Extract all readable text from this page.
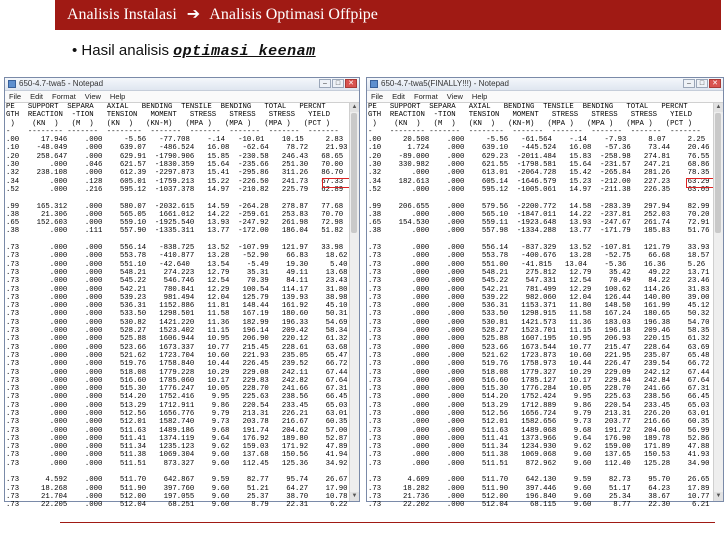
Analisis Instalasi ➔ Analisis Optimasi Offpipe
• Hasil analisis optimasi keenam
650-4.7-twa5 - Notepad	–	□	✕
File Edit Format View Help
PE   SUPPORT  SEPARA   AXIAL   BENDING  TENSILE  BENDING   TOTAL   PERCNT
GTH  REACTION  -TION   TENSION   MOMENT   STRESS   STRESS   STRESS   YIELD
)    (KN  )   (M  )   (KN  )   (KN-M)   (MPA )   (MPA )   (MPA )   (PCT )
-    -------- -------  --------  -------  -------  -------  -------  -------
.00     17.946    .000     -5.56   -77.708    -.14   -10.01    10.15     2.83
.10    -48.049    .000    639.07   -486.524   16.08   -62.64    78.72    21.93
.20    258.647    .000    629.91  -1790.906   15.85  -230.58   246.43   68.65
.30       .000    .046    621.57  -1830.359   15.64  -235.66   251.30   70.00
.32    238.108    .000    612.39  -2297.873   15.41  -295.86   311.26   86.70
.34       .000    .128    605.01  -1759.213   15.22  -226.50   241.73   67.33
.52       .000    .216    595.12  -1037.378   14.97  -210.82   225.79   62.89

.99    165.312    .000    580.07  -2032.615   14.59  -264.28   278.87   77.68
.38     21.306    .000    565.05   1661.012   14.22  -259.61   253.83   70.70
.65    152.603    .000    559.10  -1925.540   13.93  -247.92   261.98   72.98
.38       .000    .111    557.90  -1335.311   13.77  -172.00   186.04   51.82

.73       .000    .000    556.14   -838.725   13.52  -107.99   121.97   33.98
.73       .000    .000    553.78   -410.877   13.28   -52.90    66.83    18.62
.73       .000    .000    551.10   -42.640    13.54    -5.49    19.30     5.40
.73       .000    .000    548.21    274.223   12.79    35.31    49.11    13.68
.73       .000    .000    545.22    546.746   12.54    70.39    84.11    23.43
.73       .000    .000    542.21    780.841   12.29   100.54   114.17    31.80
.73       .000    .000    539.23    981.494   12.04   125.79   139.93    38.98
.73       .000    .000    536.31   1152.886   11.81   148.44   161.92    45.10
.73       .000    .000    533.50   1298.501   11.58   167.19   180.60    50.31
.73       .000    .000    530.82   1421.220   11.36   182.99   196.33    54.69
.73       .000    .000    528.27   1523.402   11.15   196.14   209.42    58.34
.73       .000    .000    525.88   1606.944   10.95   206.90   220.12    61.32
.73       .000    .000    523.66   1673.337   10.77   215.45   228.61    63.68
.73       .000    .000    521.62   1723.704   10.60   221.93   235.05    65.47
.73       .000    .000    519.76   1758.840   10.44   226.45   239.52    66.72
.73       .000    .000    518.08   1779.228   10.29   229.08   242.11    67.44
.73       .000    .000    516.60   1785.060   10.17   229.83   242.82    67.64
.73       .000    .000    515.30   1776.247   10.05   228.70   241.66    67.31
.73       .000    .000    514.20   1752.416    9.95   225.63   238.56    66.45
.73       .000    .000    513.29   1712.911    9.86   220.54   233.45    65.03
.73       .000    .000    512.56   1656.776    9.79   213.31   226.21    63.01
.73       .000    .000    512.01   1582.740    9.73   203.78   216.67    60.35
.73       .000    .000    511.63   1489.186    9.68   191.74   204.62    57.00
.73       .000    .000    511.41   1374.119    9.64   176.92   189.80    52.87
.73       .000    .000    511.34   1235.123    9.62   159.03   171.92    47.89
.73       .000    .000    511.38   1069.304    9.60   137.68   150.56    41.94
.73       .000    .000    511.51    873.327    9.60   112.45   125.36    34.92

.73      4.592    .000    511.70    642.867    9.59    82.77    95.74    26.67
.73     18.268    .000    511.90    397.760    9.60    51.21    64.27    17.90
.73     21.704    .000    512.00    197.055    9.60    25.37    38.70    10.78
.73     22.205    .000    512.04     68.251    9.60     8.79    22.31     6.22
▲
▼
650-4.7-twa5(FINALLY!!!) - Notepad	–	□	✕
File Edit Format View Help
PE   SUPPORT  SEPARA   AXIAL   BENDING  TENSILE  BENDING   TOTAL   PERCNT
GTH  REACTION  -TION   TENSION   MOMENT   STRESS   STRESS   STRESS   YIELD
)    (KN  )   (M  )   (KN  )   (KN-M)   (MPA )   (MPA )   (MPA )   (PCT )
-    -------- -------  --------  -------  -------  -------  -------  -------
.00     20.508    .000     -5.56   -61.564    -.14    -7.93     8.07     2.25
.10      1.724    .000    639.10   -445.524   16.08   -57.36    73.44    20.46
.20    -89.000    .000    629.23  -2011.484   15.83  -258.98   274.81    76.55
.30    330.982    .000    621.55  -1798.581   15.64  -231.57   247.21    68.86
.32       .000    .000    613.01  -2064.728   15.42  -265.84   281.26    78.35
.34    182.613    .000    605.14  -1646.579   15.23  -212.00   227.23    63.29
.52       .000    .000    595.12  -1005.061   14.97  -211.38   226.35    63.05

.99    206.655    .000    579.56  -2200.772   14.58  -283.39   297.94    82.99
.38       .000    .000    565.10  -1847.011   14.22  -237.81   252.03    70.20
.65    154.530    .000    559.11  -1923.648   13.93  -247.67   261.74    72.91
.38       .000    .000    557.98  -1334.288   13.77  -171.79   185.83    51.76

.73       .000    .000    556.14   -837.329   13.52  -107.81   121.79    33.93
.73       .000    .000    553.78   -400.676   13.28   -52.75    66.68    18.57
.73       .000    .000    551.00   -41.815   13.04    -5.36    16.36     5.26
.73       .000    .000    548.21    275.812   12.79    35.42    49.22    13.71
.73       .000    .000    545.22    547.331   12.54    70.49    84.22    23.46
.73       .000    .000    542.21    781.499   12.29   100.62   114.26    31.83
.73       .000    .000    539.22    982.060   12.04   126.44   140.00    39.00
.73       .000    .000    536.31   1153.371   11.80   148.50   161.99    45.12
.73       .000    .000    533.50   1298.915   11.58   167.24   180.65    50.32
.73       .000    .000    530.81   1421.573   11.36   183.03   196.38    54.70
.73       .000    .000    528.27   1523.701   11.15   196.18   209.46    58.35
.73       .000    .000    525.88   1607.195   10.95   206.93   220.15    61.32
.73       .000    .000    523.66   1673.544   10.77   215.47   228.64    63.69
.73       .000    .000    521.62   1723.873   10.60   221.95   235.07    65.48
.73       .000    .000    519.76   1758.973   10.44   226.47   239.54    66.72
.73       .000    .000    518.08   1779.327   10.29   229.09   242.12    67.44
.73       .000    .000    516.60   1785.127   10.17   229.84   242.84    67.64
.73       .000    .000    515.30   1776.284   10.05   228.70   241.66    67.31
.73       .000    .000    514.20   1752.424    9.95   225.63   238.56    66.45
.73       .000    .000    513.29   1712.889    9.86   220.54   233.45    65.03
.73       .000    .000    512.56   1656.724    9.79   213.31   226.20    63.01
.73       .000    .000    512.01   1582.656    9.73   203.77   216.66    60.35
.73       .000    .000    511.63   1489.068    9.68   191.72   204.60    56.99
.73       .000    .000    511.41   1373.966    9.64   176.90   189.78    52.86
.73       .000    .000    511.34   1234.930    9.62   159.00   171.89    47.88
.73       .000    .000    511.38   1069.068    9.60   137.65   150.53    41.93
.73       .000    .000    511.51    872.962    9.60   112.40   125.28    34.90

.73      4.609    .000    511.70    642.130    9.59    82.73    95.70    26.65
.73     18.282    .000    511.90    397.446    9.60    51.17    64.23    17.89
.73     21.736    .000    512.00    196.840    9.60    25.34    38.67    10.77
.73     22.202    .000    512.04     68.115    9.60     8.77    22.30     6.21
▲
▼
